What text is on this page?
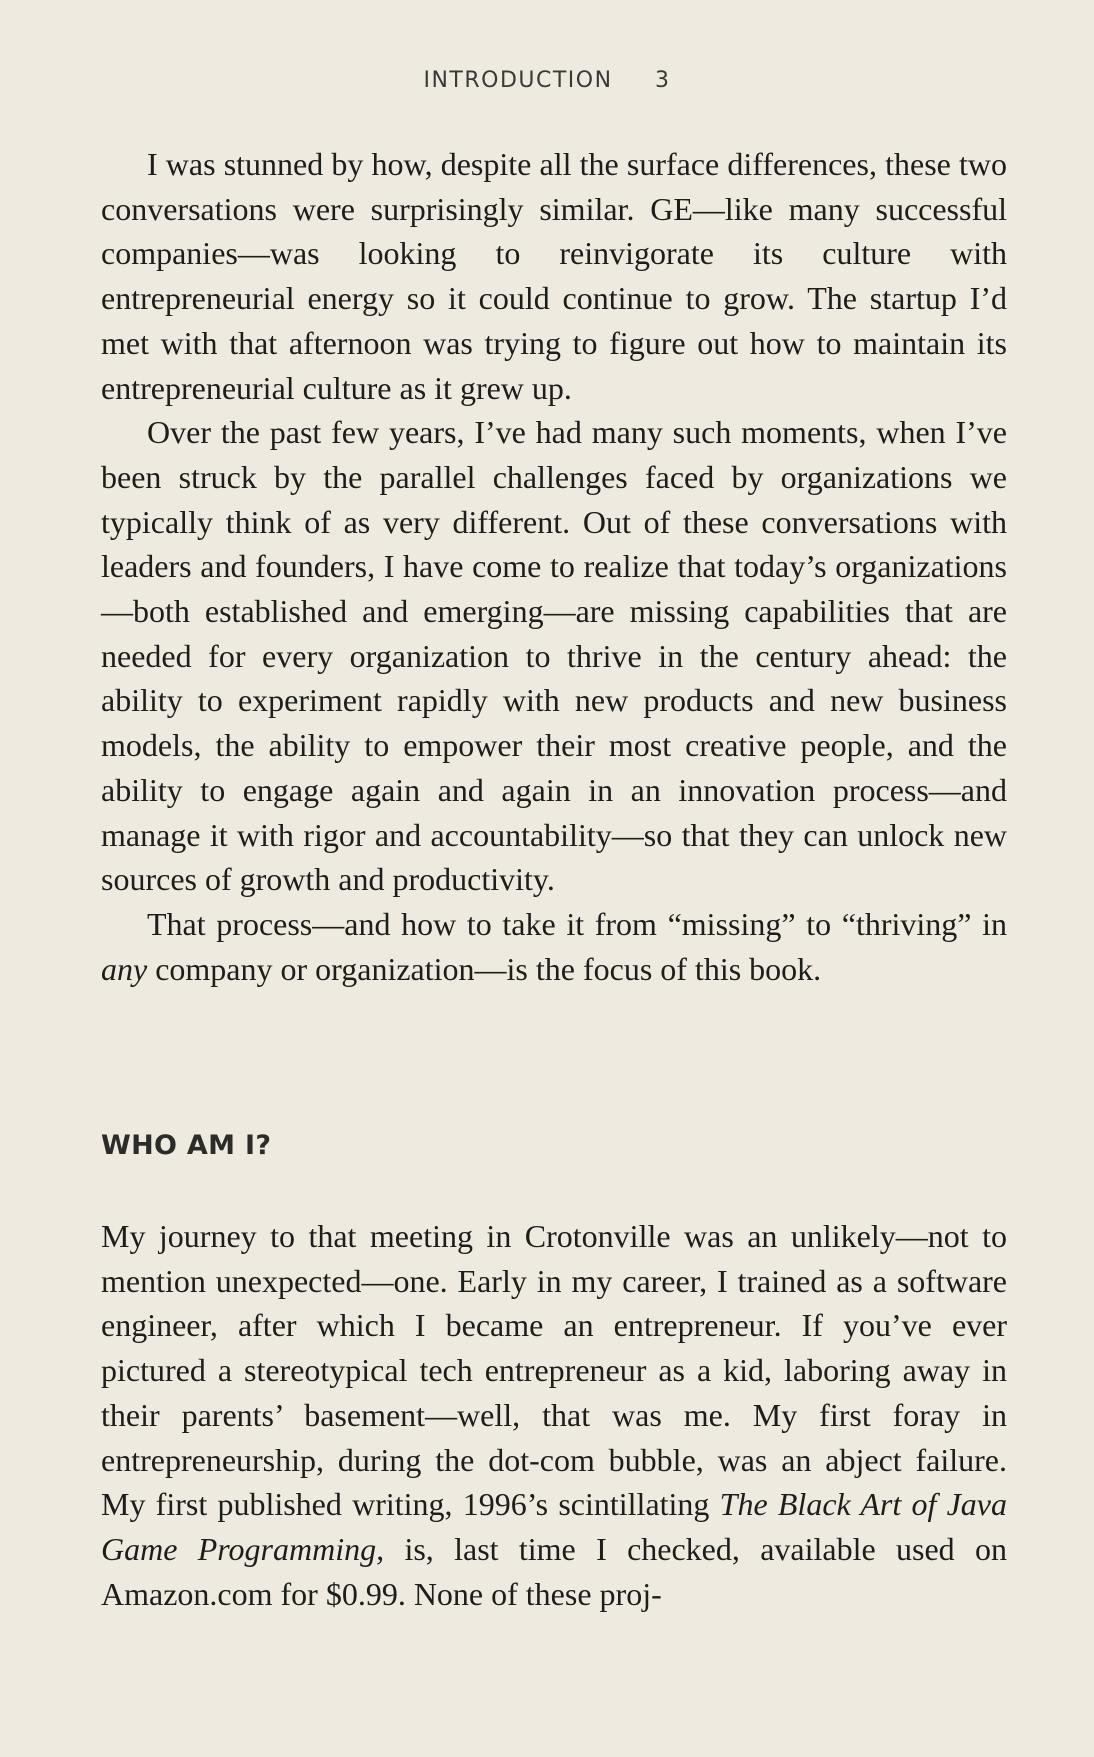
INTRODUCTION 3

I was stunned by how, despite all the surface differences, these two conversations were surprisingly similar. GE—like many successful companies—was looking to reinvigorate its culture with entrepreneurial energy so it could continue to grow. The startup I’d met with that afternoon was trying to figure out how to maintain its entrepreneurial culture as it grew up.

Over the past few years, I’ve had many such moments, when I’ve been struck by the parallel challenges faced by organizations we typically think of as very different. Out of these conversations with leaders and founders, I have come to realize that today’s organizations—both established and emerging—are missing capabilities that are needed for every organization to thrive in the century ahead: the ability to experiment rapidly with new products and new business models, the ability to empower their most creative people, and the ability to engage again and again in an innovation process—and manage it with rigor and accountability—so that they can unlock new sources of growth and productivity.

That process—and how to take it from “missing” to “thriving” in any company or organization—is the focus of this book.

WHO AM I?

My journey to that meeting in Crotonville was an unlikely—not to mention unexpected—one. Early in my career, I trained as a software engineer, after which I became an entrepreneur. If you’ve ever pictured a stereotypical tech entrepreneur as a kid, laboring away in their parents’ basement—well, that was me. My first foray in entrepreneurship, during the dot-com bubble, was an abject failure. My first published writing, 1996’s scintillating The Black Art of Java Game Programming, is, last time I checked, available used on Amazon.com for $0.99. None of these proj-
